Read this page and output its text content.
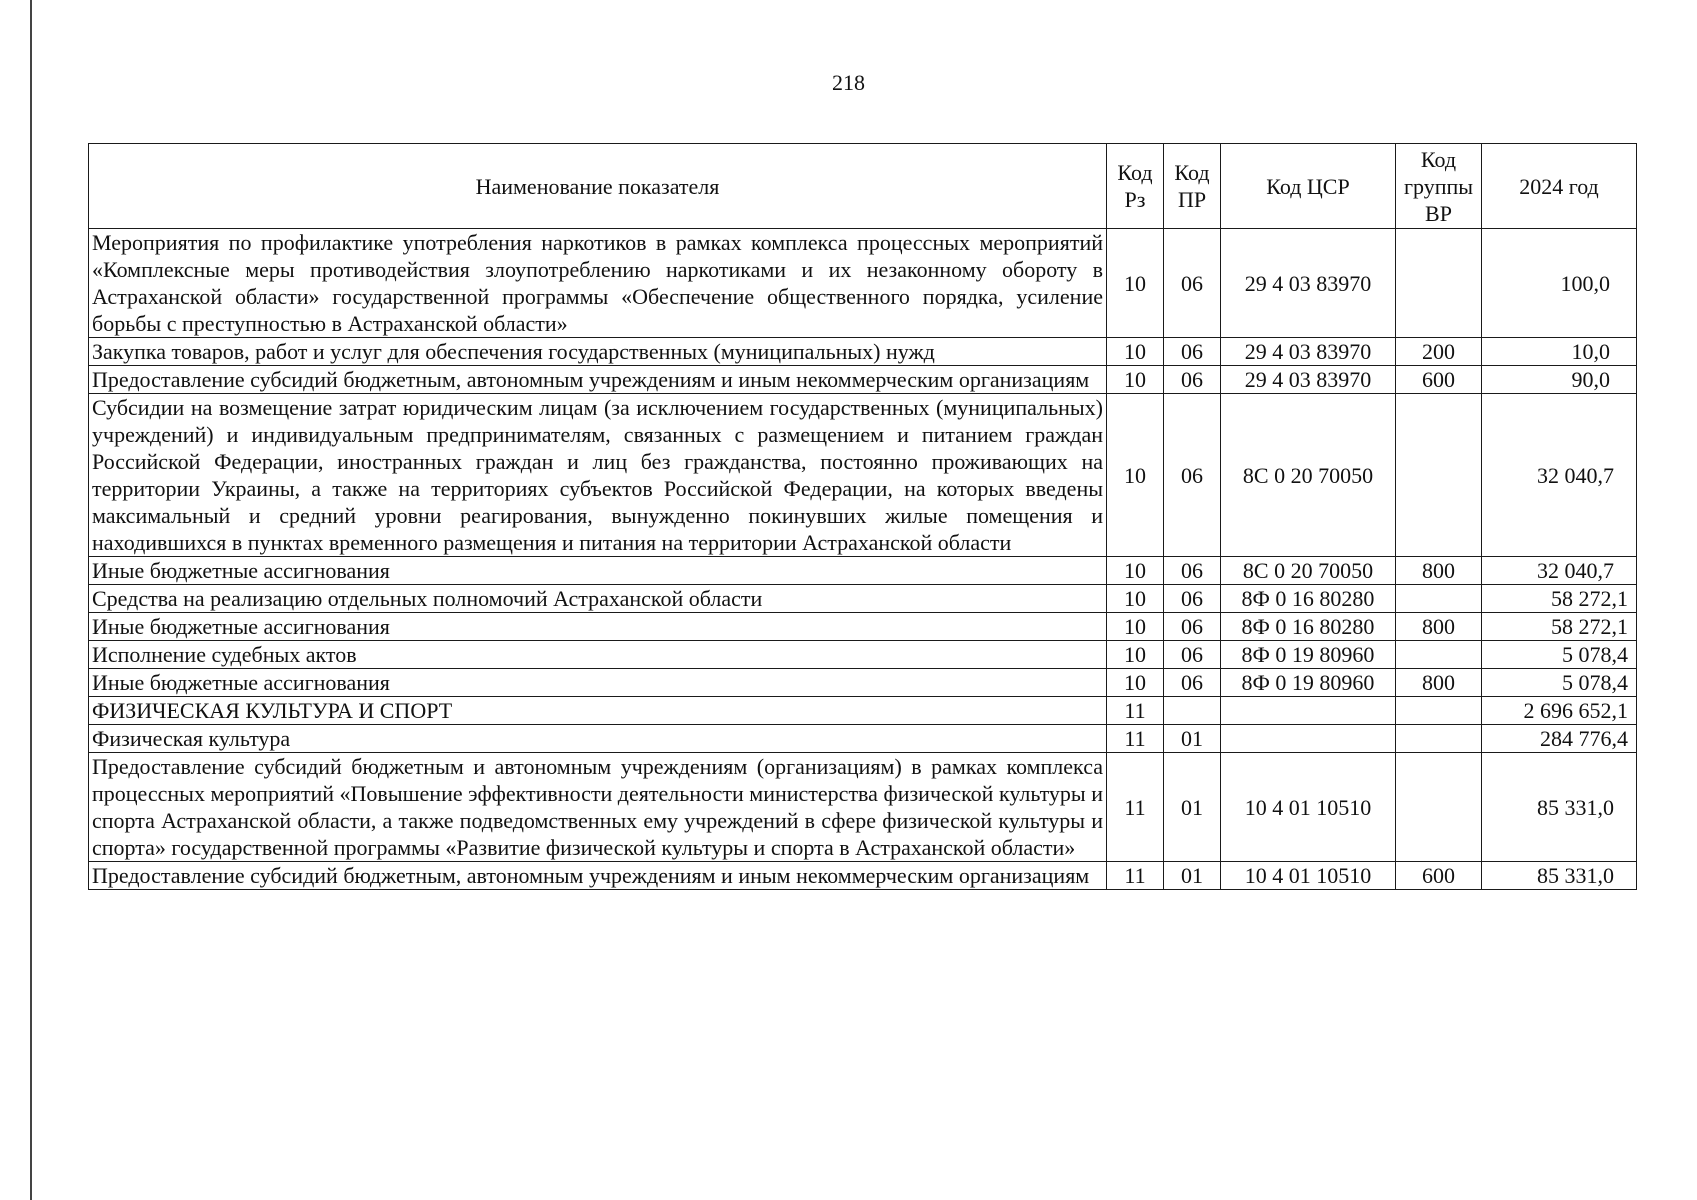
218
Наименование показателя	Код Рз	Код ПР	Код ЦСР	Код группы ВР	2024 год
Мероприятия по профилактике употребления наркотиков в рамках комплекса процессных мероприятий «Комплексные меры противодействия злоупотреблению наркотиками и их незаконному обороту в Астраханской области» государственной программы «Обеспечение общественного порядка, усиление борьбы с преступностью в Астраханской области»	10	06	29 4 03 83970		100,0
Закупка товаров, работ и услуг для обеспечения государственных (муниципальных) нужд	10	06	29 4 03 83970	200	10,0
Предоставление субсидий бюджетным, автономным учреждениям и иным некоммерческим организациям	10	06	29 4 03 83970	600	90,0
Субсидии на возмещение затрат юридическим лицам (за исключением государственных (муниципальных) учреждений) и индивидуальным предпринимателям, связанных с размещением и питанием граждан Российской Федерации, иностранных граждан и лиц без гражданства, постоянно проживающих на территории Украины, а также на территориях субъектов Российской Федерации, на которых введены максимальный и средний уровни реагирования, вынужденно покинувших жилые помещения и находившихся в пунктах временного размещения и питания на территории Астраханской области	10	06	8С 0 20 70050		32 040,7
Иные бюджетные ассигнования	10	06	8С 0 20 70050	800	32 040,7
Средства на реализацию отдельных полномочий Астраханской области	10	06	8Ф 0 16 80280		58 272,1
Иные бюджетные ассигнования	10	06	8Ф 0 16 80280	800	58 272,1
Исполнение судебных актов	10	06	8Ф 0 19 80960		5 078,4
Иные бюджетные ассигнования	10	06	8Ф 0 19 80960	800	5 078,4
ФИЗИЧЕСКАЯ КУЛЬТУРА И СПОРТ	11				2 696 652,1
Физическая культура	11	01			284 776,4
Предоставление субсидий бюджетным и автономным учреждениям (организациям) в рамках комплекса процессных мероприятий «Повышение эффективности деятельности министерства физической культуры и спорта Астраханской области, а также подведомственных ему учреждений в сфере физической культуры и спорта» государственной программы «Развитие физической культуры и спорта в Астраханской области»	11	01	10 4 01 10510		85 331,0
Предоставление субсидий бюджетным, автономным учреждениям и иным некоммерческим организациям	11	01	10 4 01 10510	600	85 331,0
